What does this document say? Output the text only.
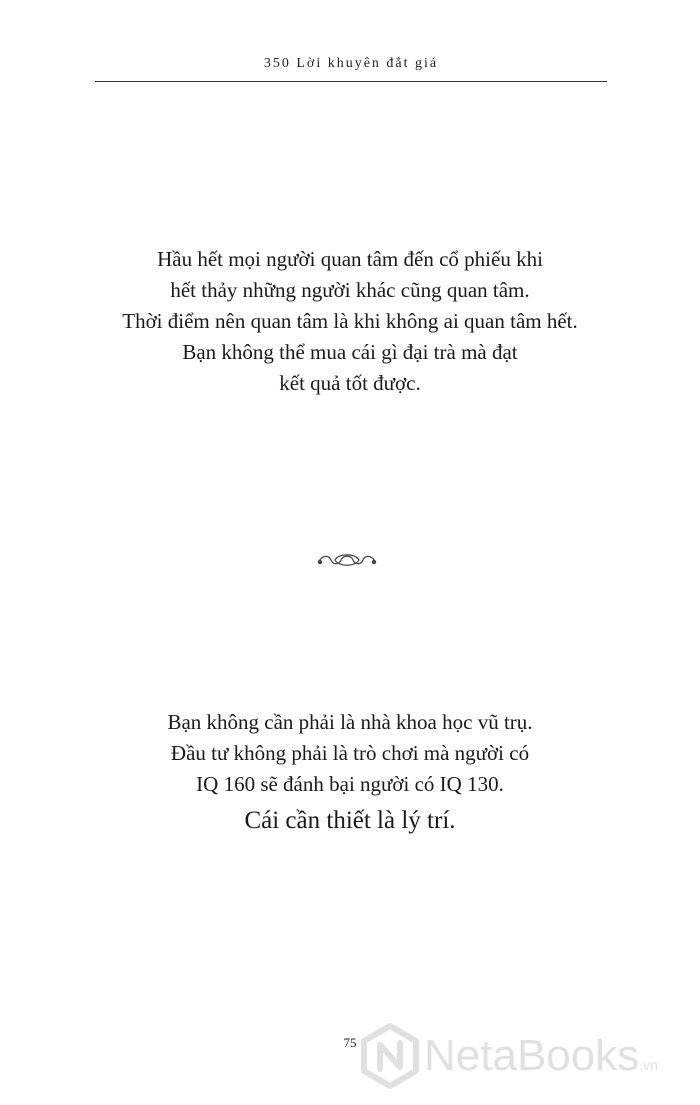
350 Lời khuyên đắt giá
Hầu hết mọi người quan tâm đến cổ phiếu khi
hết thảy những người khác cũng quan tâm.
Thời điểm nên quan tâm là khi không ai quan tâm hết.
Bạn không thể mua cái gì đại trà mà đạt
kết quả tốt được.
Bạn không cần phải là nhà khoa học vũ trụ.
Đầu tư không phải là trò chơi mà người có
IQ 160 sẽ đánh bại người có IQ 130.
Cái cần thiết là lý trí.
75	NetaBooks.vn
